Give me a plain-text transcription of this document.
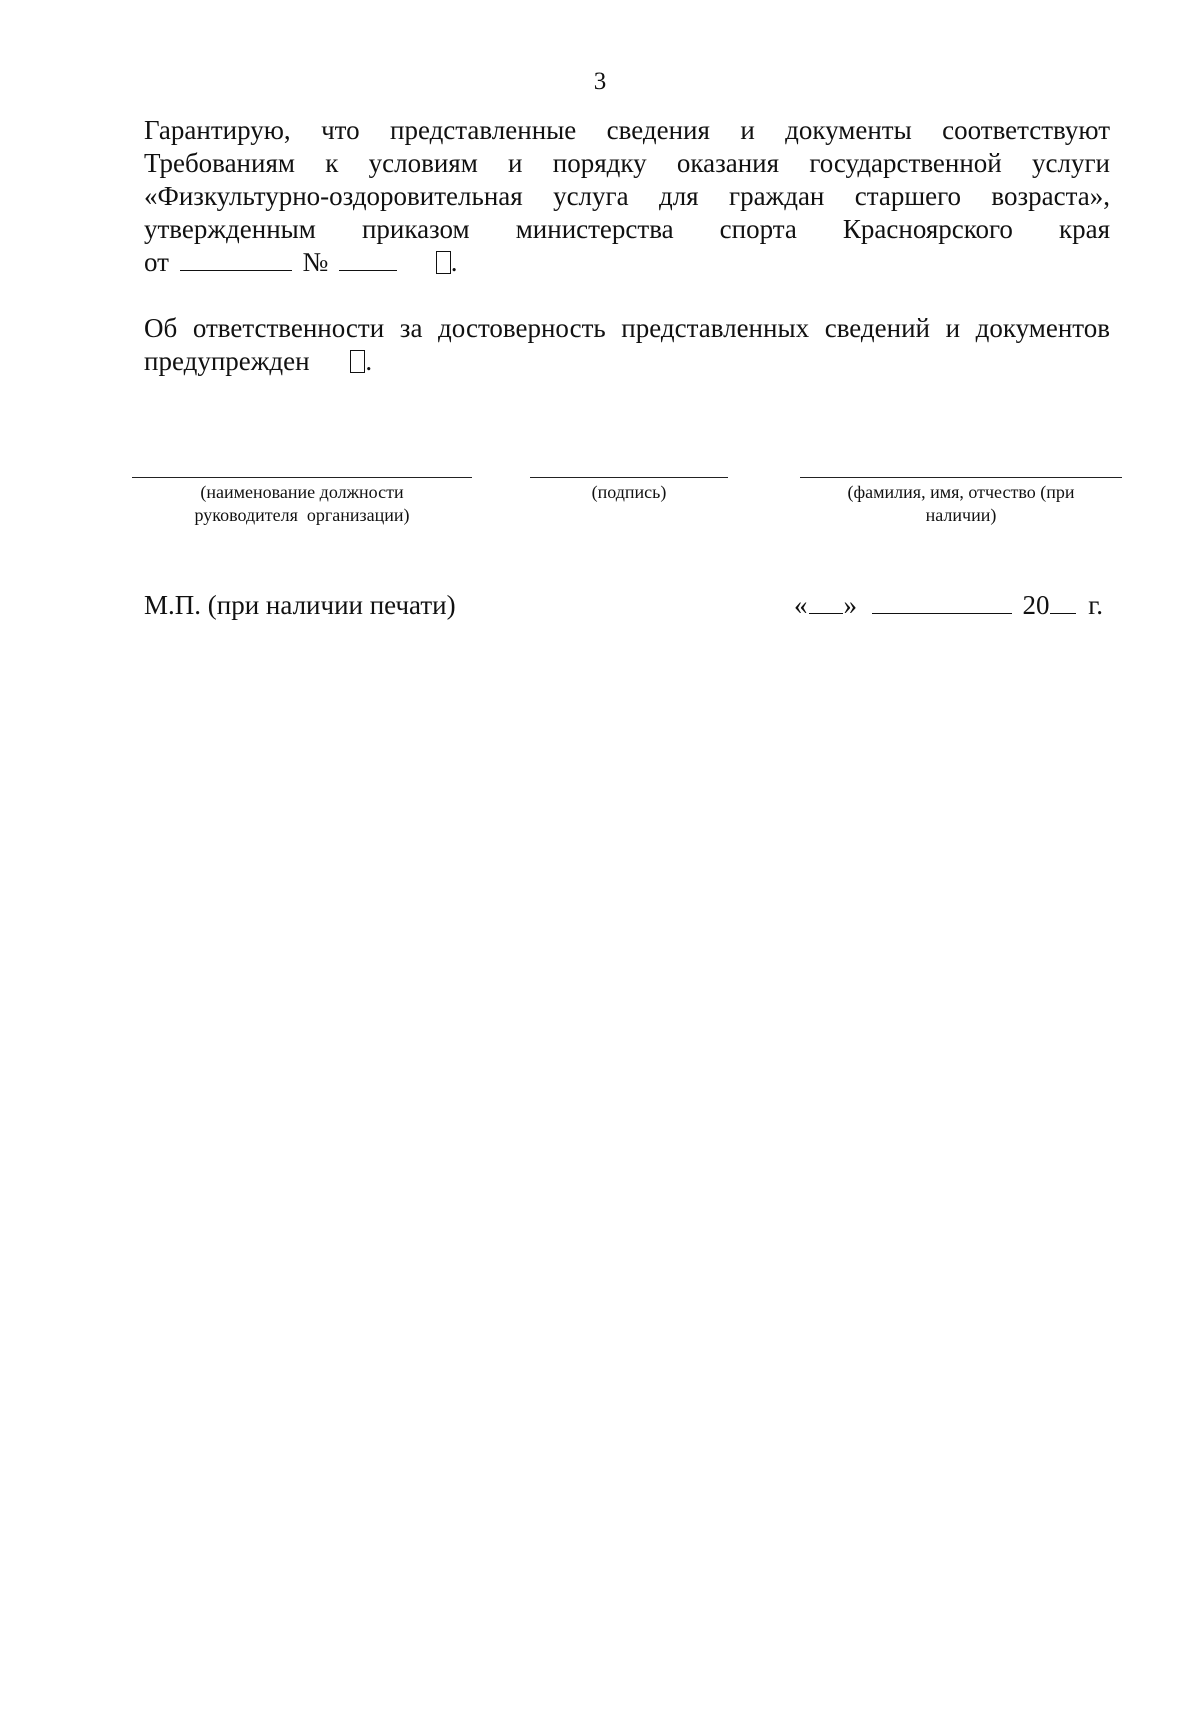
3
Гарантирую, что представленные сведения и документы соответствуют
Требованиям к условиям и порядку оказания государственной услуги
«Физкультурно-оздоровительная услуга для граждан старшего возраста»,
утвержденным приказом министерства спорта Красноярского края
от	№	.
Об ответственности за достоверность представленных сведений и документов
предупрежден .
(наименование должности
руководителя  организации)
(подпись)	(фамилия, имя, отчество (при
наличии)
М.П. (при наличии печати)	« »	20 г.
